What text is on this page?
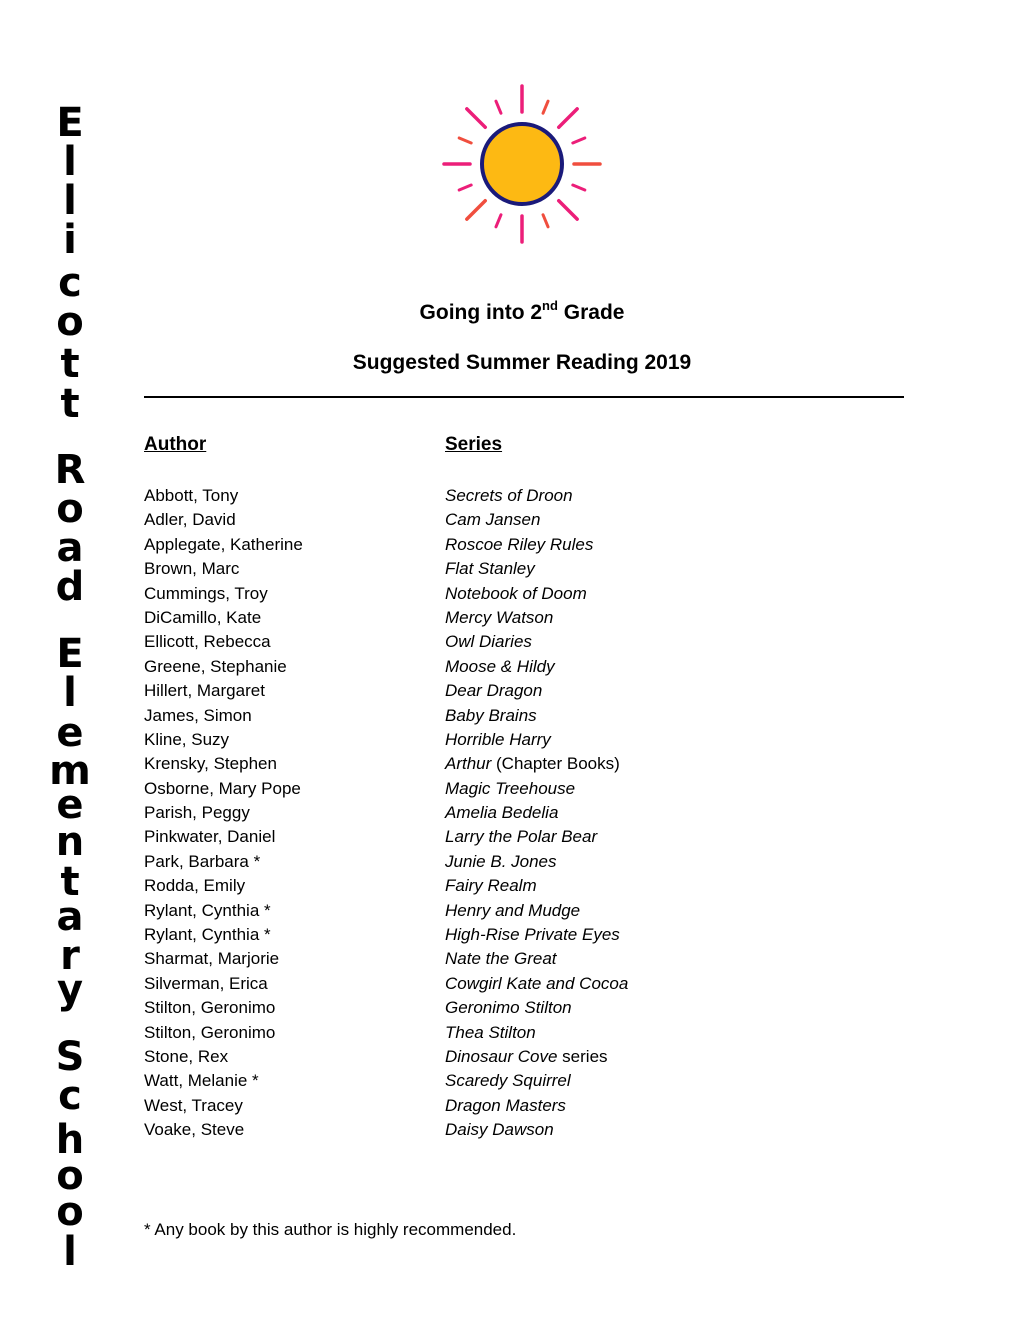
E
l
l
i
c
o
t
t
R
o
a
d
E
l
e
m
e
n
t
a
r
y
S
c
h
o
o
l
Going into 2nd Grade
Suggested Summer Reading 2019
Author	Series
Abbott, Tony	Secrets of Droon
Adler, David	Cam Jansen
Applegate, Katherine	Roscoe Riley Rules
Brown, Marc	Flat Stanley
Cummings, Troy	Notebook of Doom
DiCamillo, Kate	Mercy Watson
Ellicott, Rebecca	Owl Diaries
Greene, Stephanie	Moose & Hildy
Hillert, Margaret	Dear Dragon
James, Simon	Baby Brains
Kline, Suzy	Horrible Harry
Krensky, Stephen	Arthur (Chapter Books)
Osborne, Mary Pope	Magic Treehouse
Parish, Peggy	Amelia Bedelia
Pinkwater, Daniel	Larry the Polar Bear
Park, Barbara *	Junie B. Jones
Rodda, Emily	Fairy Realm
Rylant, Cynthia *	Henry and Mudge
Rylant, Cynthia *	High-Rise Private Eyes
Sharmat, Marjorie	Nate the Great
Silverman, Erica	Cowgirl Kate and Cocoa
Stilton, Geronimo	Geronimo Stilton
Stilton, Geronimo	Thea Stilton
Stone, Rex	Dinosaur Cove series
Watt, Melanie *	Scaredy Squirrel
West, Tracey	Dragon Masters
Voake, Steve	Daisy Dawson
* Any book by this author is highly recommended.
